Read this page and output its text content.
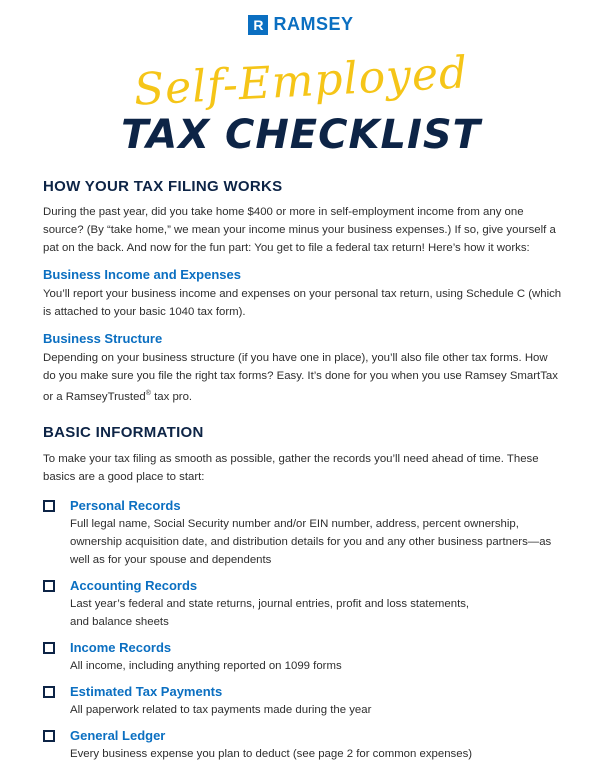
R RAMSEY
Self-Employed
TAX CHECKLIST
HOW YOUR TAX FILING WORKS

During the past year, did you take home $400 or more in self-employment income from any one source? (By “take home,” we mean your income minus your business expenses.) If so, give yourself a pat on the back. And now for the fun part: You get to file a federal tax return! Here’s how it works:

Business Income and Expenses

You’ll report your business income and expenses on your personal tax return, using Schedule C (which is attached to your basic 1040 tax form).

Business Structure

Depending on your business structure (if you have one in place), you’ll also file other tax forms. How do you make sure you file the right tax forms? Easy. It’s done for you when you use Ramsey SmartTax or a RamseyTrusted® tax pro.

BASIC INFORMATION

To make your tax filing as smooth as possible, gather the records you’ll need ahead of time. These basics are a good place to start:

Personal Records

Full legal name, Social Security number and/or EIN number, address, percent ownership, ownership acquisition date, and distribution details for you and any other business partners—as well as for your spouse and dependents

Accounting Records

Last year’s federal and state returns, journal entries, profit and loss statements, and balance sheets

Income Records

All income, including anything reported on 1099 forms

Estimated Tax Payments

All paperwork related to tax payments made during the year

General Ledger

Every business expense you plan to deduct (see page 2 for common expenses)
